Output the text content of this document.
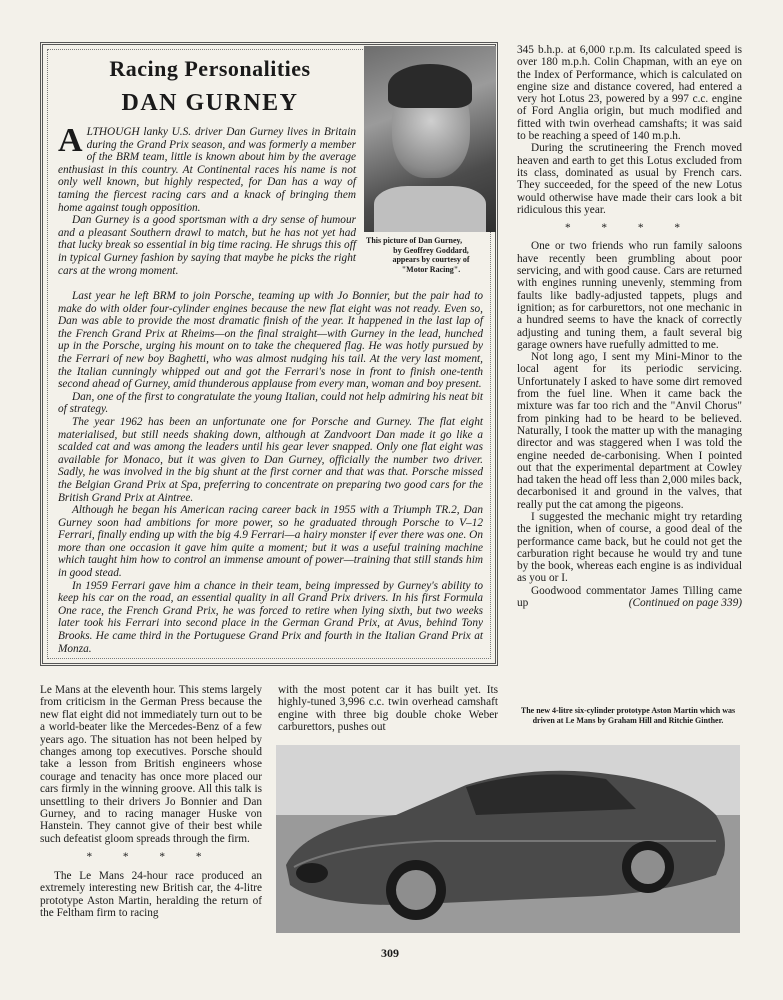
Racing Personalities
DAN GURNEY
This picture of Dan Gurney,
by Geoffrey Goddard,
appears by courtesy of
"Motor Racing".

ALTHOUGH lanky U.S. driver Dan Gurney lives in Britain during the Grand Prix season, and was formerly a member of the BRM team, little is known about him by the average enthusiast in this country. At Continental races his name is not only well known, but highly respected, for Dan has a way of taming the fiercest racing cars and a knack of bringing them home against tough opposition.

Dan Gurney is a good sportsman with a dry sense of humour and a pleasant Southern drawl to match, but he has not yet had that lucky break so essential in big time racing. He shrugs this off in typical Gurney fashion by saying that maybe he picks the right cars at the wrong moment.

Last year he left BRM to join Porsche, teaming up with Jo Bonnier, but the pair had to make do with older four-cylinder engines because the new flat eight was not ready. Even so, Dan was able to provide the most dramatic finish of the year. It happened in the last lap of the French Grand Prix at Rheims—on the final straight—with Gurney in the lead, hunched up in the Porsche, urging his mount on to take the chequered flag. He was hotly pursued by the Ferrari of new boy Baghetti, who was almost nudging his tail. At the very last moment, the Italian cunningly whipped out and got the Ferrari's nose in front to finish one-tenth second ahead of Gurney, amid thunderous applause from every man, woman and boy present.

Dan, one of the first to congratulate the young Italian, could not help admiring his neat bit of strategy.

The year 1962 has been an unfortunate one for Porsche and Gurney. The flat eight materialised, but still needs shaking down, although at Zandvoort Dan made it go like a scalded cat and was among the leaders until his gear lever snapped. Only one flat eight was available for Monaco, but it was given to Dan Gurney, officially the number two driver. Sadly, he was involved in the big shunt at the first corner and that was that. Porsche missed the Belgian Grand Prix at Spa, preferring to concentrate on preparing two good cars for the British Grand Prix at Aintree.

Although he began his American racing career back in 1955 with a Triumph TR.2, Dan Gurney soon had ambitions for more power, so he graduated through Porsche to V–12 Ferrari, finally ending up with the big 4.9 Ferrari—a hairy monster if ever there was one. On more than one occasion it gave him quite a moment; but it was a useful training machine which taught him how to control an immense amount of power—training that still stands him in good stead.

In 1959 Ferrari gave him a chance in their team, being impressed by Gurney's ability to keep his car on the road, an essential quality in all Grand Prix drivers. In his first Formula One race, the French Grand Prix, he was forced to retire when lying sixth, but two weeks later took his Ferrari into second place in the German Grand Prix, at Avus, behind Tony Brooks. He came third in the Portuguese Grand Prix and fourth in the Italian Grand Prix at Monza.

345 b.h.p. at 6,000 r.p.m. Its calculated speed is over 180 m.p.h. Colin Chapman, with an eye on the Index of Performance, which is calculated on engine size and distance covered, had entered a very hot Lotus 23, powered by a 997 c.c. engine of Ford Anglia origin, but much modified and fitted with twin overhead camshafts; it was said to be reaching a speed of 140 m.p.h.

During the scrutineering the French moved heaven and earth to get this Lotus excluded from its class, dominated as usual by French cars. They succeeded, for the speed of the new Lotus would otherwise have made their cars look a bit ridiculous this year.

* * * *

One or two friends who run family saloons have recently been grumbling about poor servicing, and with good cause. Cars are returned with engines running unevenly, stemming from faults like badly-adjusted tappets, plugs and ignition; as for carburettors, not one mechanic in a hundred seems to have the knack of correctly adjusting and tuning them, a fault several big garage owners have ruefully admitted to me.

Not long ago, I sent my Mini-Minor to the local agent for its periodic servicing. Unfortunately I asked to have some dirt removed from the fuel line. When it came back the mixture was far too rich and the "Anvil Chorus" from pinking had to be heard to be believed. Naturally, I took the matter up with the managing director and was staggered when I was told the engine needed de-carbonising. When I pointed out that the experimental department at Cowley had taken the head off less than 2,000 miles back, decarbonised it and ground in the valves, that really put the cat among the pigeons.

I suggested the mechanic might try retarding the ignition, when of course, a good deal of the performance came back, but he could not get the carburation right because he would try and tune by the book, whereas each engine is as individual as you or I.

Goodwood commentator James Tilling came up	(Continued on page 339)

Le Mans at the eleventh hour. This stems largely from criticism in the German Press because the new flat eight did not immediately turn out to be a world-beater like the Mercedes-Benz of a few years ago. The situation has not been helped by changes among top executives. Porsche should take a lesson from British engineers whose courage and tenacity has once more placed our cars firmly in the winning groove. All this talk is unsettling to their drivers Jo Bonnier and Dan Gurney, and to racing manager Huske von Hanstein. They cannot give of their best while such defeatist gloom spreads through the firm.

* * * *

The Le Mans 24-hour race produced an extremely interesting new British car, the 4-litre prototype Aston Martin, heralding the return of the Feltham firm to racing

with the most potent car it has built yet. Its highly-tuned 3,996 c.c. twin overhead camshaft engine with three big double choke Weber carburettors, pushes out

The new 4-litre six-cylinder prototype Aston Martin which was driven at Le Mans by Graham Hill and Ritchie Ginther.
309
